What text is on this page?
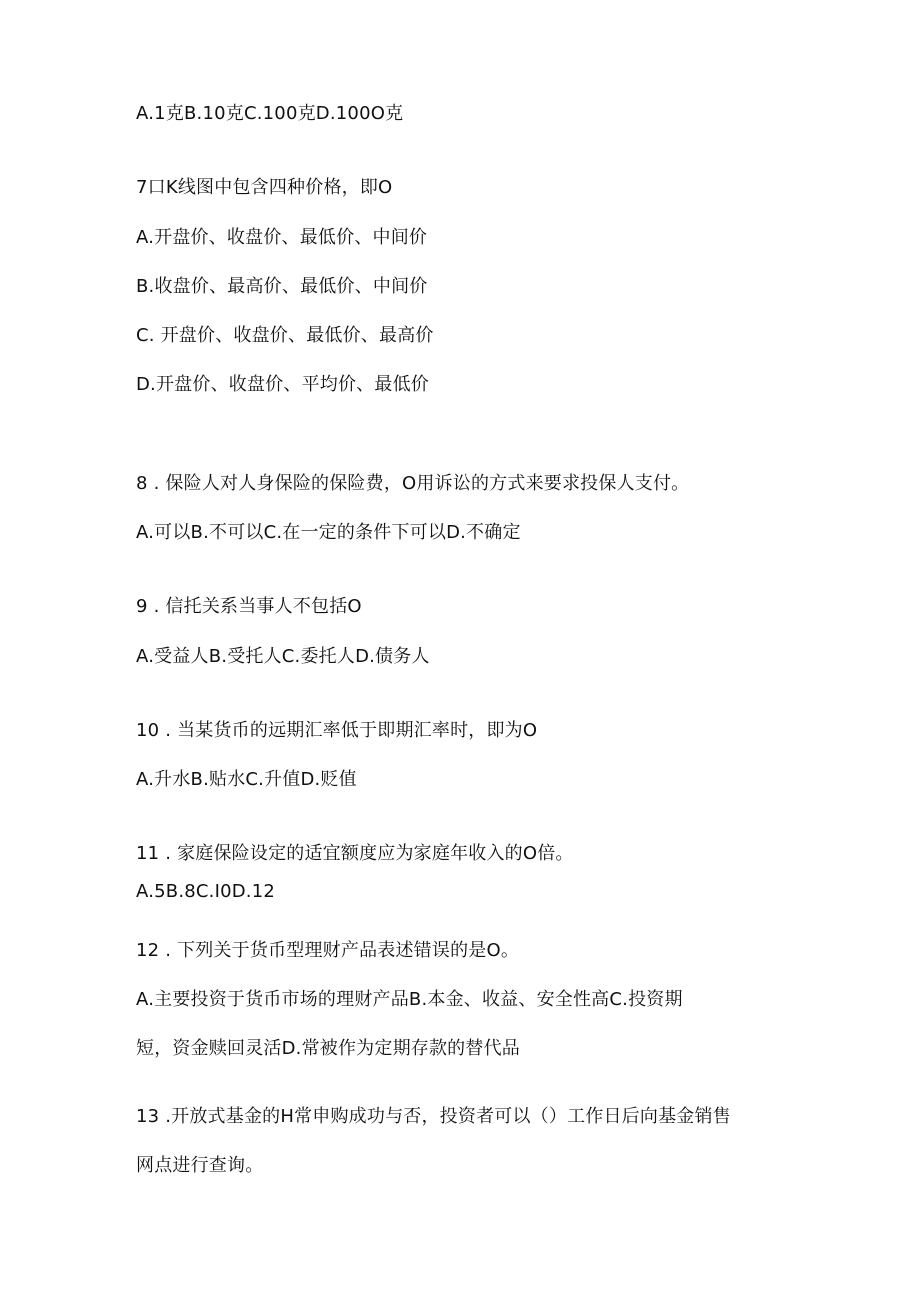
A.1克B.10克C.100克D.100O克
7口K线图中包含四种价格，即O
A.开盘价、收盘价、最低价、中间价
B.收盘价、最高价、最低价、中间价
C. 开盘价、收盘价、最低价、最高价
D.开盘价、收盘价、平均价、最低价
8 . 保险人对人身保险的保险费，O用诉讼的方式来要求投保人支付。
A.可以B.不可以C.在一定的条件下可以D.不确定
9 . 信托关系当事人不包括O
A.受益人B.受托人C.委托人D.债务人
10 . 当某货币的远期汇率低于即期汇率时，即为O
A.升水B.贴水C.升值D.贬值
11 . 家庭保险设定的适宜额度应为家庭年收入的O倍。
A.5B.8C.I0D.12
12 . 下列关于货币型理财产品表述错误的是O。
A.主要投资于货币市场的理财产品B.本金、收益、安全性高C.投资期
短，资金赎回灵活D.常被作为定期存款的替代品
13 .开放式基金的H常申购成功与否，投资者可以（）工作日后向基金销售
网点进行查询。
